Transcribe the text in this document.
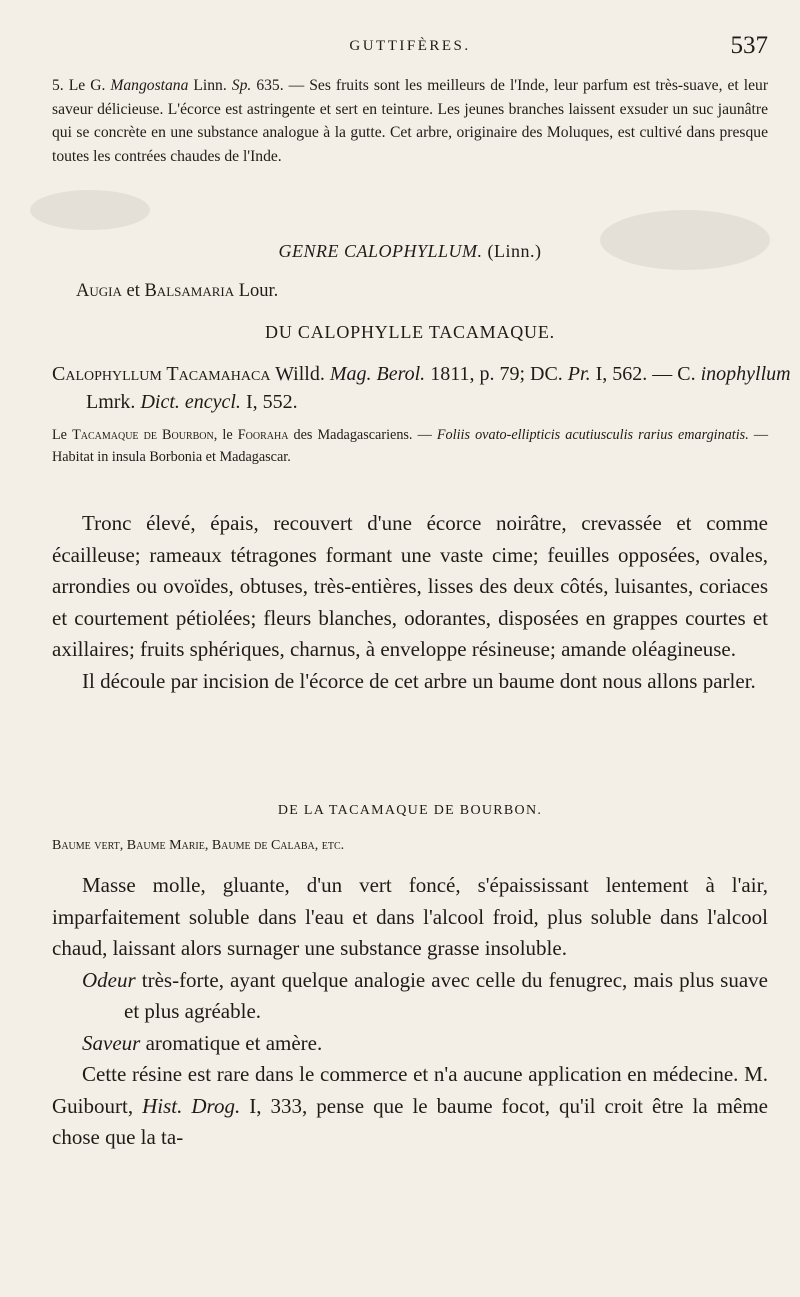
GUTTIFÈRES.	537

5. Le G. Mangostana Linn. Sp. 635. — Ses fruits sont les meilleurs de l'Inde, leur parfum est très-suave, et leur saveur délicieuse. L'écorce est astringente et sert en teinture. Les jeunes branches laissent exsuder un suc jaunâtre qui se concrète en une substance analogue à la gutte. Cet arbre, originaire des Moluques, est cultivé dans presque toutes les contrées chaudes de l'Inde.

GENRE CALOPHYLLUM. (Linn.)

Augia et Balsamaria Lour.

DU CALOPHYLLE TACAMAQUE.

Calophyllum Tacamahaca Willd. Mag. Berol. 1811, p. 79; DC. Pr. I, 562. — C. inophyllum Lmrk. Dict. encycl. I, 552.

Le Tacamaque de Bourbon, le Fooraha des Madagascariens. — Foliis ovato-ellipticis acutiusculis rarius emarginatis. — Habitat in insula Borbonia et Madagascar.

Tronc élevé, épais, recouvert d'une écorce noirâtre, crevassée et comme écailleuse; rameaux tétragones formant une vaste cime; feuilles opposées, ovales, arrondies ou ovoïdes, obtuses, très-entières, lisses des deux côtés, luisantes, coriaces et courtement pétiolées; fleurs blanches, odorantes, disposées en grappes courtes et axillaires; fruits sphériques, charnus, à enveloppe résineuse; amande oléagineuse.

Il découle par incision de l'écorce de cet arbre un baume dont nous allons parler.

DE LA TACAMAQUE DE BOURBON.

Baume vert, Baume Marie, Baume de Calaba, etc.

Masse molle, gluante, d'un vert foncé, s'épaississant lentement à l'air, imparfaitement soluble dans l'eau et dans l'alcool froid, plus soluble dans l'alcool chaud, laissant alors surnager une substance grasse insoluble.

Odeur très-forte, ayant quelque analogie avec celle du fenugrec, mais plus suave et plus agréable.

Saveur aromatique et amère.

Cette résine est rare dans le commerce et n'a aucune application en médecine. M. Guibourt, Hist. Drog. I, 333, pense que le baume focot, qu'il croit être la même chose que la ta-
